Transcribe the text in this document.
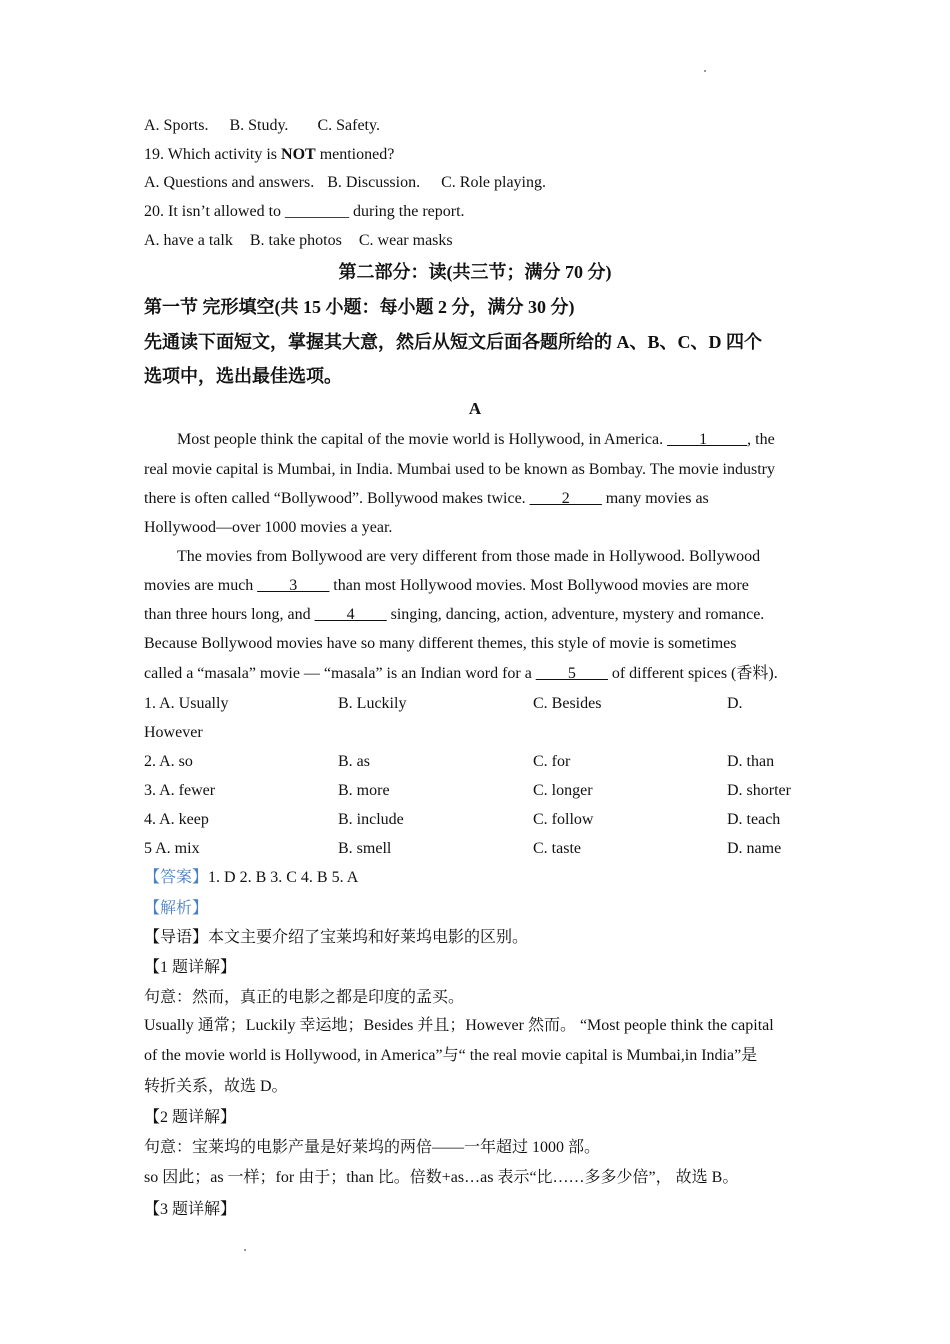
A. Sports. B. Study. C. Safety.
19. Which activity is NOT mentioned?
A. Questions and answers. B. Discussion. C. Role playing.
20. It isn’t allowed to ________ during the report.
A. have a talk B. take photos C. wear masks
第二部分：读(共三节；满分 70 分)
第一节 完形填空(共 15 小题：每小题 2 分，满分 30 分)
先通读下面短文，掌握其大意，然后从短文后面各题所给的 A、B、C、D 四个
选项中，选出最佳选项。
A
Most people think the capital of the movie world is Hollywood, in America. ____1_____, the
real movie capital is Mumbai, in India. Mumbai used to be known as Bombay. The movie industry
there is often called “Bollywood”. Bollywood makes twice. ____2____ many movies as
Hollywood—over 1000 movies a year.
The movies from Bollywood are very different from those made in Hollywood. Bollywood
movies are much ____3____ than most Hollywood movies. Most Bollywood movies are more
than three hours long, and ____4____ singing, dancing, action, adventure, mystery and romance.
Because Bollywood movies have so many different themes, this style of movie is sometimes
called a “masala” movie — “masala” is an Indian word for a ____5____ of different spices (香料).
1. A. Usually	B. Luckily	C. Besides	D.
However
2. A. so	B. as	C. for	D. than
3. A. fewer	B. more	C. longer	D. shorter
4. A. keep	B. include	C. follow	D. teach
5 A. mix	B. smell	C. taste	D. name
【答案】1. D 2. B 3. C 4. B 5. A
【解析】
【导语】本文主要介绍了宝莱坞和好莱坞电影的区别。
【1 题详解】
句意：然而，真正的电影之都是印度的孟买。
Usually 通常；Luckily 幸运地；Besides 并且；However 然而。 “Most people think the capital
of the movie world is Hollywood, in America”与“ the real movie capital is Mumbai,in India”是
转折关系，故选 D。
【2 题详解】
句意：宝莱坞的电影产量是好莱坞的两倍——一年超过 1000 部。
so 因此；as 一样；for 由于；than 比。倍数+as…as 表示“比……多多少倍”， 故选 B。
【3 题详解】
